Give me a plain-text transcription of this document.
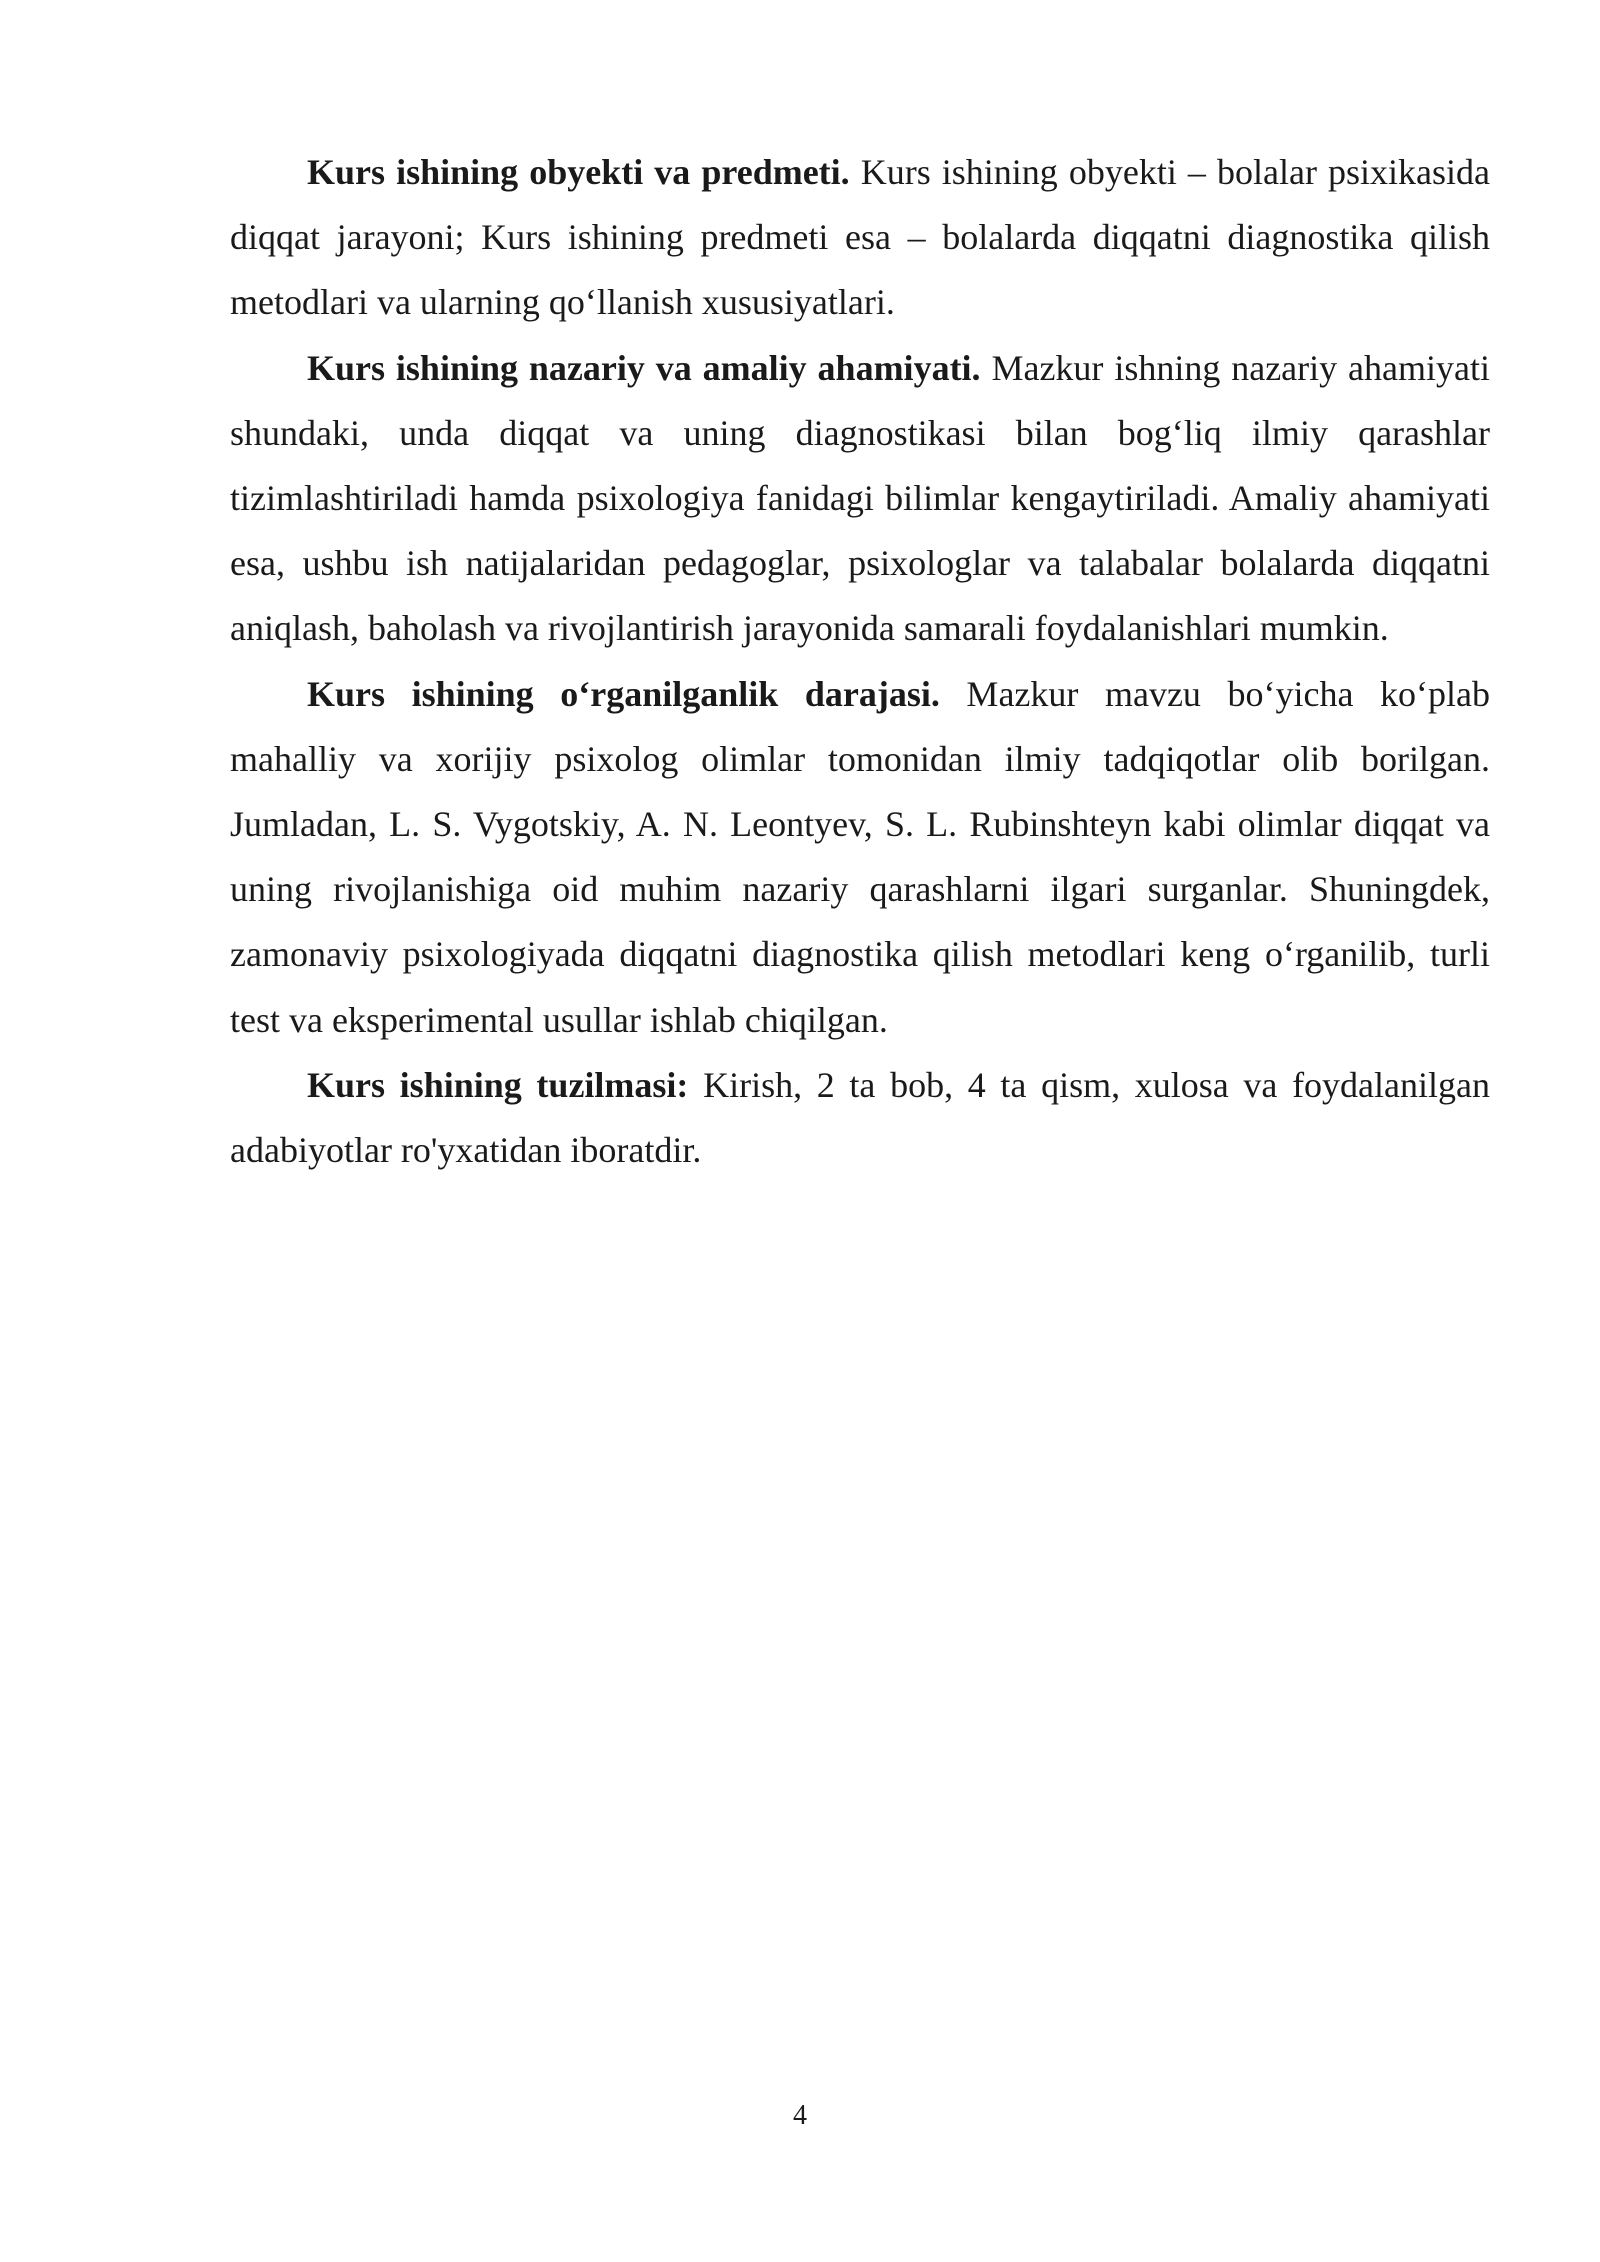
Kurs ishining obyekti va predmeti. Kurs ishining obyekti – bolalar psixikasida diqqat jarayoni; Kurs ishining predmeti esa – bolalarda diqqatni diagnostika qilish metodlari va ularning qo‘llanish xususiyatlari.

Kurs ishining nazariy va amaliy ahamiyati. Mazkur ishning nazariy ahamiyati shundaki, unda diqqat va uning diagnostikasi bilan bog‘liq ilmiy qarashlar tizimlashtiriladi hamda psixologiya fanidagi bilimlar kengaytiriladi. Amaliy ahamiyati esa, ushbu ish natijalaridan pedagoglar, psixologlar va talabalar bolalarda diqqatni aniqlash, baholash va rivojlantirish jarayonida samarali foydalanishlari mumkin.

Kurs ishining o‘rganilganlik darajasi. Mazkur mavzu bo‘yicha ko‘plab mahalliy va xorijiy psixolog olimlar tomonidan ilmiy tadqiqotlar olib borilgan. Jumladan, L. S. Vygotskiy, A. N. Leontyev, S. L. Rubinshteyn kabi olimlar diqqat va uning rivojlanishiga oid muhim nazariy qarashlarni ilgari surganlar. Shuningdek, zamonaviy psixologiyada diqqatni diagnostika qilish metodlari keng o‘rganilib, turli test va eksperimental usullar ishlab chiqilgan.

Kurs ishining tuzilmasi: Kirish, 2 ta bob, 4 ta qism, xulosa va foydalanilgan adabiyotlar ro'yxatidan iboratdir.

4
